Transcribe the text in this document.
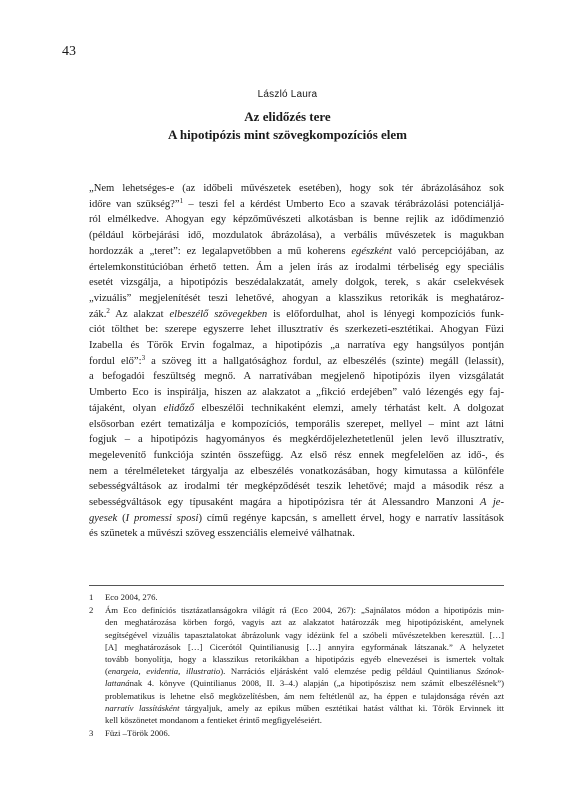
43
László Laura
Az elidőzés tere
A hipotipózis mint szövegkompozíciós elem
„Nem lehetséges-e (az időbeli művészetek esetében), hogy sok tér ábrázolásához sok
időre van szükség?”$^1$ – teszi fel a kérdést Umberto Eco a szavak térábrázolási potenciáljá-
ról elmélkedve. Ahogyan egy képzőművészeti alkotásban is benne rejlik az idődímenzió
(például körbejárási idő, mozdulatok ábrázolása), a verbális művészetek is magukban
hordozzák a „teret”: ez legalapvetőbben a mű koherens egészként való percepciójában, az
értelemkonstitúcióban érhető tetten. Ám a jelen írás az irodalmi térbeliség egy speciális
esetét vizsgálja, a hipotipózis beszédalakzatát, amely dolgok, terek, s akár cselekvések
„vizuális” megjelenítését teszi lehetővé, ahogyan a klasszikus retorikák is meghatároz-
zák.$^2$ Az alakzat elbeszélő szövegekben is előfordulhat, ahol is lényegi kompozíciós funk-
ciót tölthet be: szerepe egyszerre lehet illusztratív és szerkezeti-esztétikai. Ahogyan Füzi
Izabella és Török Ervin fogalmaz, a hipotipózis „a narratíva egy hangsúlyos pontján
fordul elő”:$^3$ a szöveg itt a hallgatósághoz fordul, az elbeszélés (szinte) megáll (lelassít),
a befogadói feszültség megnő. A narratívában megjelenő hipotipózis ilyen vizsgálatát
Umberto Eco is inspirálja, hiszen az alakzatot a „fikció erdejében” való lézengés egy faj-
tájaként, olyan elidőző elbeszélői technikaként elemzi, amely térhatást kelt. A dolgozat
elsősorban ezért tematizálja e kompozíciós, temporális szerepet, mellyel – mint azt látni
fogjuk – a hipotipózis hagyományos és megkérdőjelezhetetlenül jelen levő illusztratív,
megelevenítő funkciója szintén összefügg. Az első rész ennek megfelelően az idő-, és
nem a térelméleteket tárgyalja az elbeszélés vonatkozásában, hogy kimutassa a különféle
sebességváltások az irodalmi tér megképződését teszik lehetővé; majd a második rész a
sebességváltások egy típusaként magára a hipotipózisra tér át Alessandro Manzoni A je-
gyesek (I promessi sposi) című regénye kapcsán, s amellett érvel, hogy e narratív lassítások
és szünetek a művészi szöveg esszenciális elemeivé válhatnak.
1 Eco 2004, 276.
2 Ám Eco definíciós tisztázatlanságokra világít rá (Eco 2004, 267): „Sajnálatos módon a hipotipózis min-
den meghatározása körben forgó, vagyis azt az alakzatot határozzák meg hipotipózisként, amelynek
segítségével vizuális tapasztalatokat ábrázolunk vagy idézünk fel a szóbeli művészetekben keresztül. […]
[A] meghatározások […] Cicerótól Quintilianusig […] annyira egyformának látszanak.” A helyzetet
tovább bonyolítja, hogy a klasszikus retorikákban a hipotipózis egyéb elnevezései is ismertek voltak
(enargeia, evidentia, illustratio). Narrációs eljárásként való elemzése pedig például Quintilianus Szónok-
lattanának 4. könyve (Quintilianus 2008, II. 3–4.) alapján („a hipotipószisz nem számít elbeszélésnek”)
problematikus is lehetne első megközelítésben, ám nem feltétlenül az, ha éppen e tulajdonsága révén azt
narratív lassításként tárgyaljuk, amely az epikus műben esztétikai hatást válthat ki. Török Ervinnek itt
kell köszönetet mondanom a fentieket érintő megfigyeléseiért.
3 Füzi –Török 2006.
